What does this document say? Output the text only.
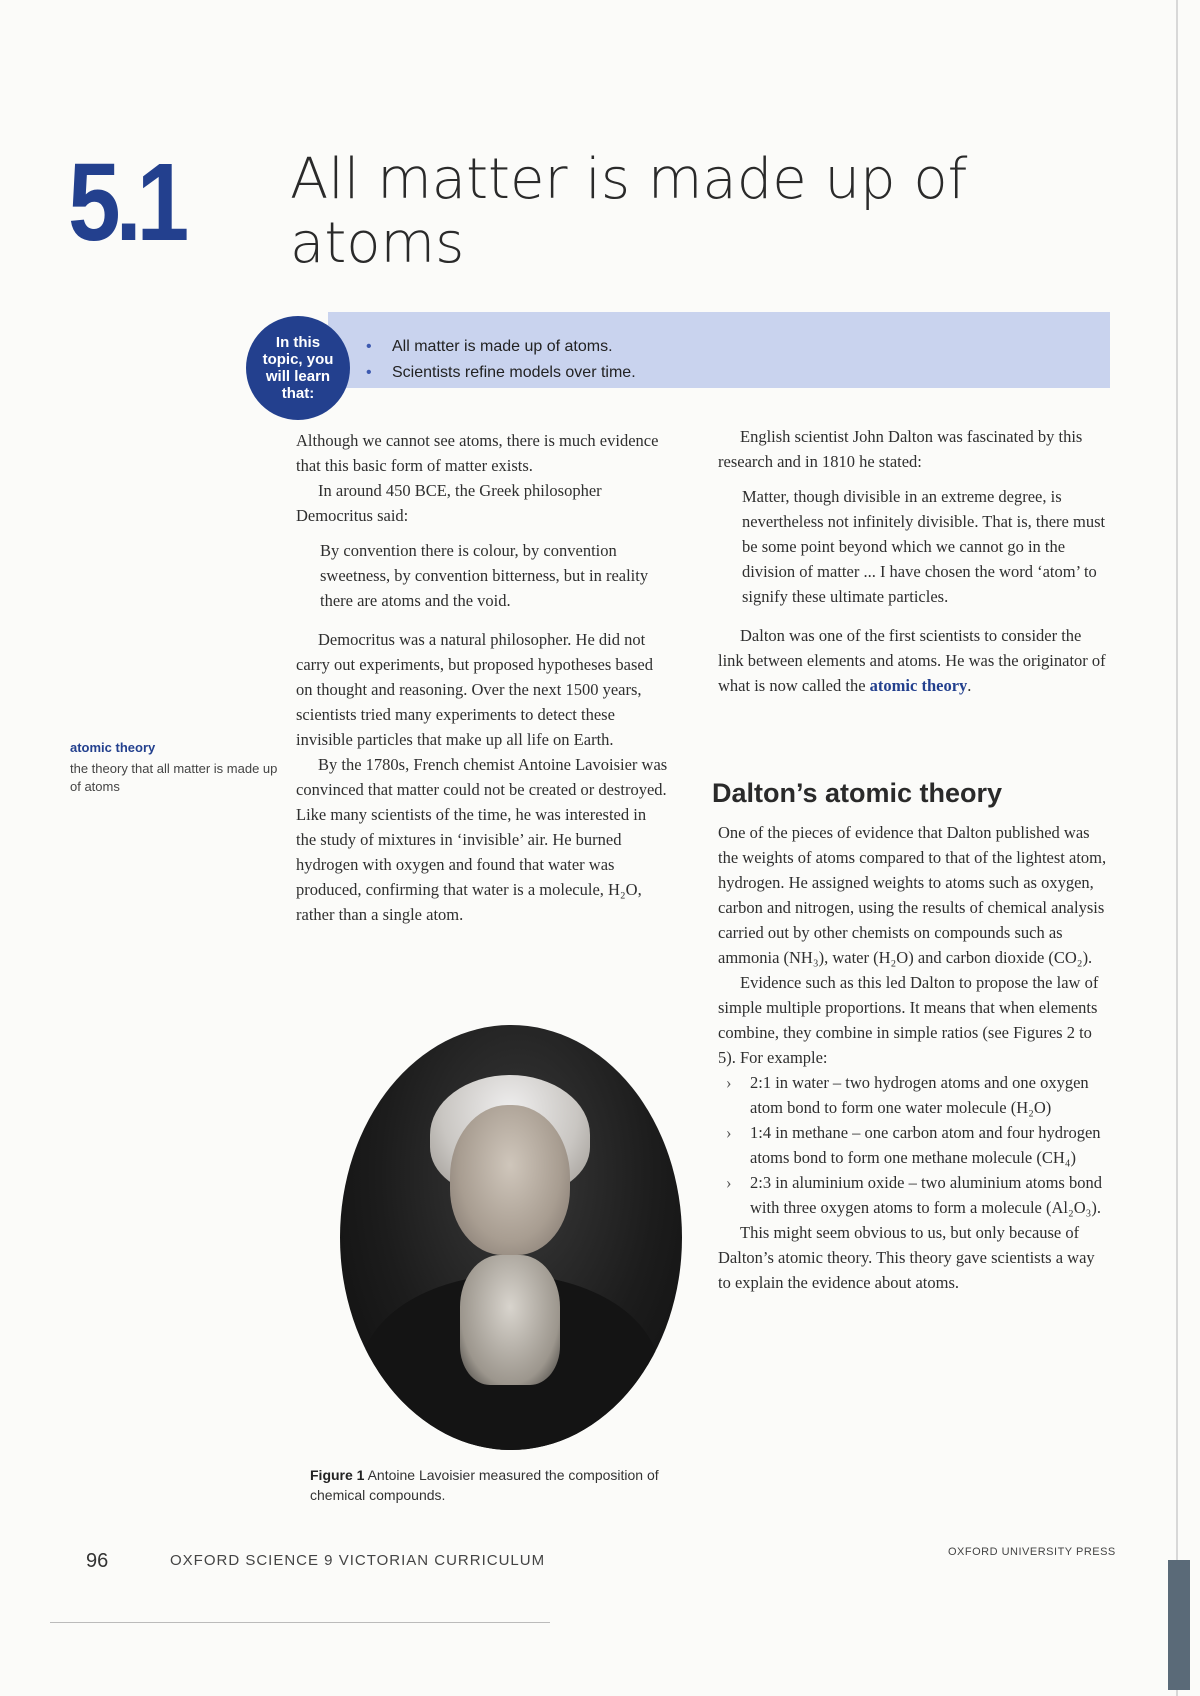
5.1 All matter is made up of atoms
In this topic, you will learn that:
• All matter is made up of atoms.
• Scientists refine models over time.
atomic theory
the theory that all matter is made up of atoms

Although we cannot see atoms, there is much evidence that this basic form of matter exists.

In around 450 BCE, the Greek philosopher Democritus said:

By convention there is colour, by convention sweetness, by convention bitterness, but in reality there are atoms and the void.

Democritus was a natural philosopher. He did not carry out experiments, but proposed hypotheses based on thought and reasoning. Over the next 1500 years, scientists tried many experiments to detect these invisible particles that make up all life on Earth.

By the 1780s, French chemist Antoine Lavoisier was convinced that matter could not be created or destroyed. Like many scientists of the time, he was interested in the study of mixtures in ‘invisible’ air. He burned hydrogen with oxygen and found that water was produced, confirming that water is a molecule, H₂O, rather than a single atom.

Figure 1 Antoine Lavoisier measured the composition of chemical compounds.

English scientist John Dalton was fascinated by this research and in 1810 he stated:

Matter, though divisible in an extreme degree, is nevertheless not infinitely divisible. That is, there must be some point beyond which we cannot go in the division of matter ... I have chosen the word ‘atom’ to signify these ultimate particles.

Dalton was one of the first scientists to consider the link between elements and atoms. He was the originator of what is now called the atomic theory.

Dalton’s atomic theory

One of the pieces of evidence that Dalton published was the weights of atoms compared to that of the lightest atom, hydrogen. He assigned weights to atoms such as oxygen, carbon and nitrogen, using the results of chemical analysis carried out by other chemists on compounds such as ammonia (NH₃), water (H₂O) and carbon dioxide (CO₂).

Evidence such as this led Dalton to propose the law of simple multiple proportions. It means that when elements combine, they combine in simple ratios (see Figures 2 to 5). For example:

› 2:1 in water – two hydrogen atoms and one oxygen atom bond to form one water molecule (H₂O)
› 1:4 in methane – one carbon atom and four hydrogen atoms bond to form one methane molecule (CH₄)
› 2:3 in aluminium oxide – two aluminium atoms bond with three oxygen atoms to form a molecule (Al₂O₃).

This might seem obvious to us, but only because of Dalton’s atomic theory. This theory gave scientists a way to explain the evidence about atoms.

96	OXFORD SCIENCE 9 VICTORIAN CURRICULUM	OXFORD UNIVERSITY PRESS
